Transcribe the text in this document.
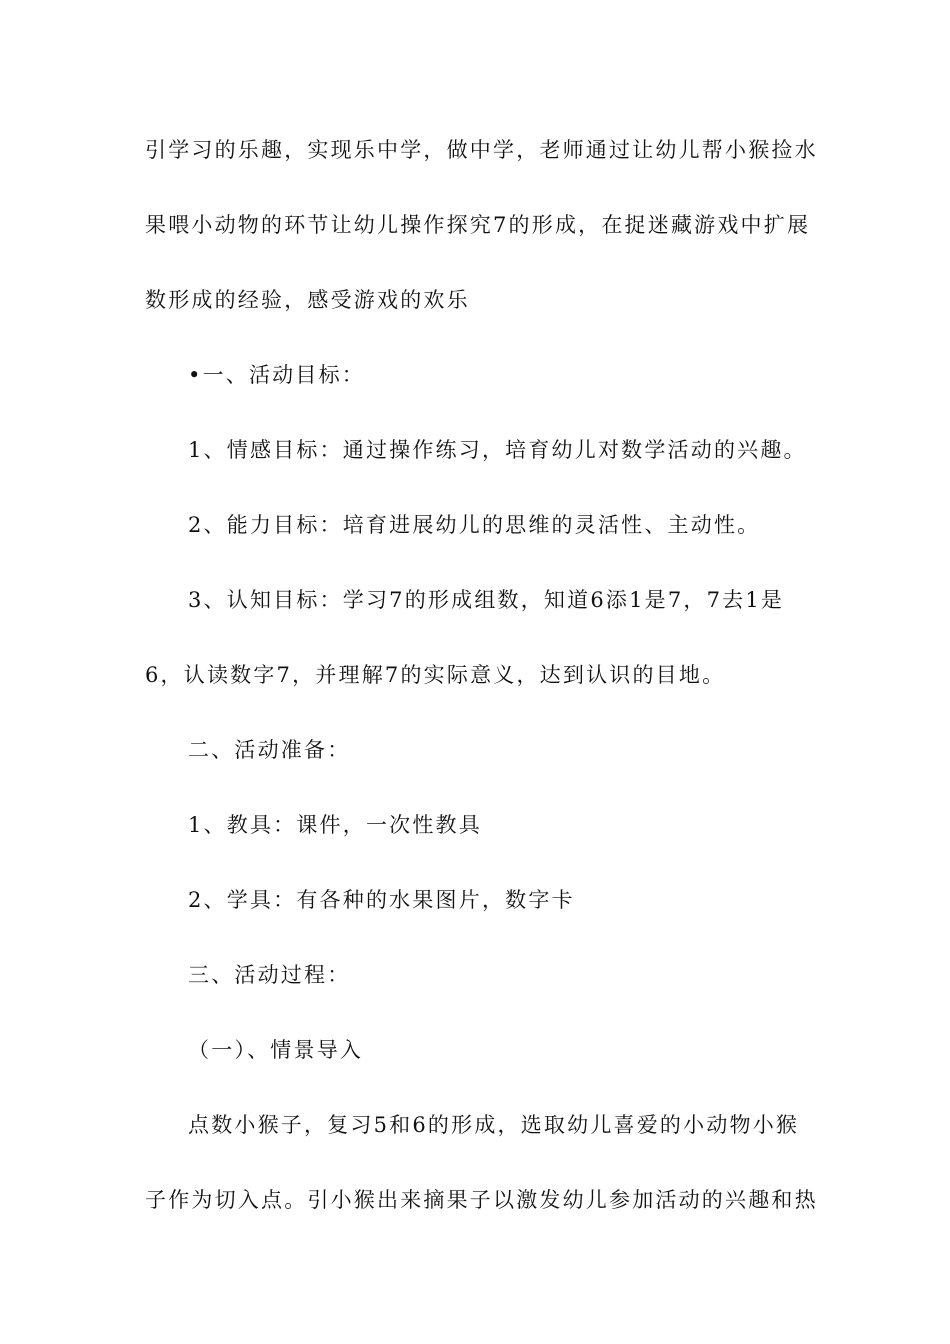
引学习的乐趣，实现乐中学，做中学，老师通过让幼儿帮小猴捡水
果喂小动物的环节让幼儿操作探究7的形成，在捉迷藏游戏中扩展
数形成的经验，感受游戏的欢乐
•一、活动目标：
1、情感目标：通过操作练习，培育幼儿对数学活动的兴趣。
2、能力目标：培育进展幼儿的思维的灵活性、主动性。
3、认知目标：学习7的形成组数，知道6添1是7，7去1是
6，认读数字7，并理解7的实际意义，达到认识的目地。
二、活动准备：
1、教具：课件，一次性教具
2、学具：有各种的水果图片，数字卡
三、活动过程：
（一）、情景导入
点数小猴子，复习5和6的形成，选取幼儿喜爱的小动物小猴
子作为切入点。引小猴出来摘果子以激发幼儿参加活动的兴趣和热
